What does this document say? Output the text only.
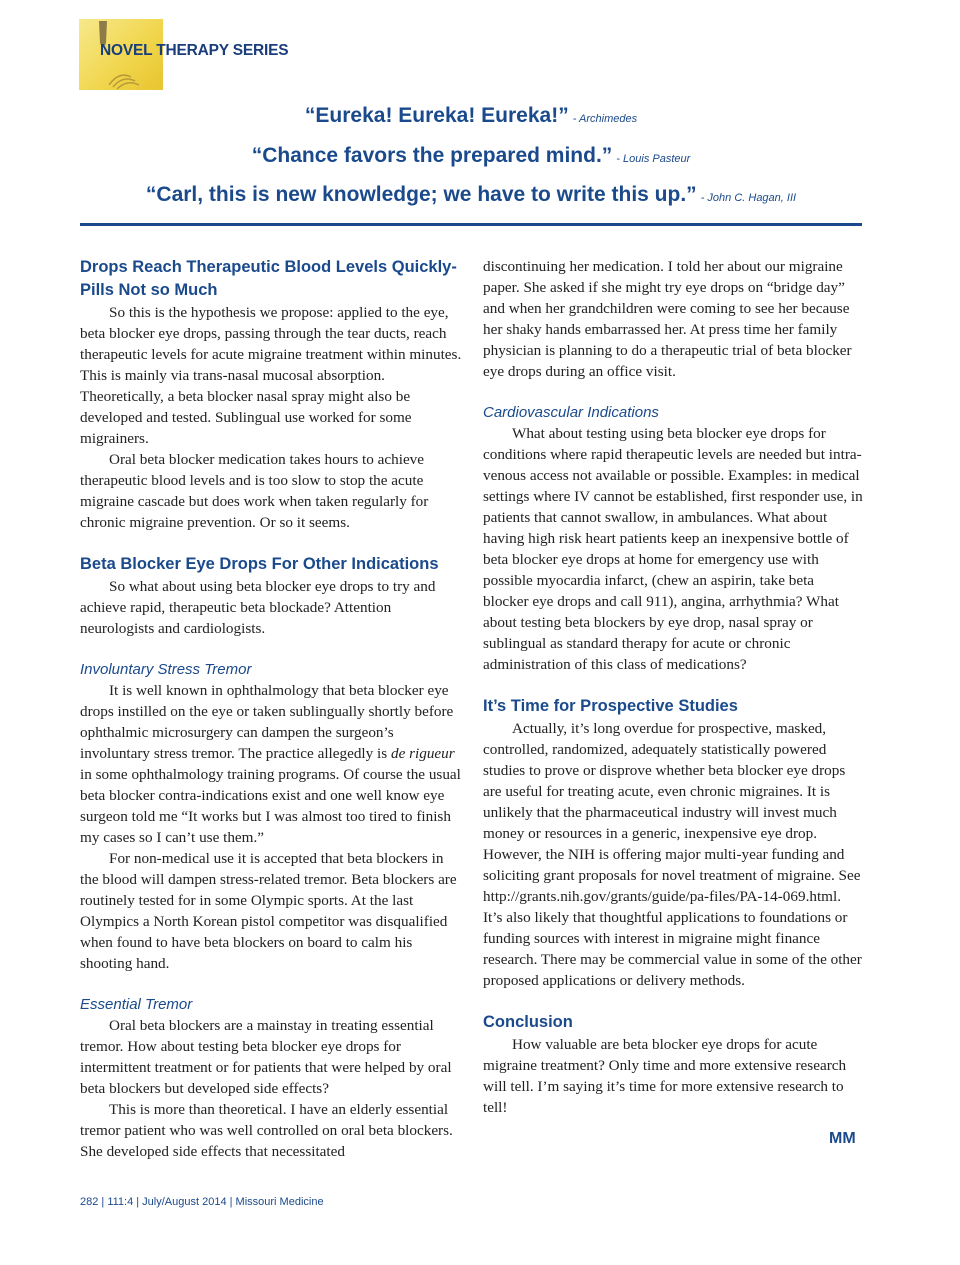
NOVEL THERAPY SERIES
“Eureka! Eureka! Eureka!” - Archimedes
“Chance favors the prepared mind.” - Louis Pasteur
“Carl, this is new knowledge; we have to write this up.” - John C. Hagan, III
Drops Reach Therapeutic Blood Levels Quickly-Pills Not so Much

So this is the hypothesis we propose: applied to the eye, beta blocker eye drops, passing through the tear ducts, reach therapeutic levels for acute migraine treatment within minutes. This is mainly via trans-nasal mucosal absorption. Theoretically, a beta blocker nasal spray might also be developed and tested. Sublingual use worked for some migrainers.

Oral beta blocker medication takes hours to achieve therapeutic blood levels and is too slow to stop the acute migraine cascade but does work when taken regularly for chronic migraine prevention. Or so it seems.

Beta Blocker Eye Drops For Other Indications

So what about using beta blocker eye drops to try and achieve rapid, therapeutic beta blockade? Attention neurologists and cardiologists.

Involuntary Stress Tremor

It is well known in ophthalmology that beta blocker eye drops instilled on the eye or taken sublingually shortly before ophthalmic microsurgery can dampen the surgeon’s involuntary stress tremor. The practice allegedly is de rigueur in some ophthalmology training programs. Of course the usual beta blocker contra-indications exist and one well know eye surgeon told me “It works but I was almost too tired to finish my cases so I can’t use them.”

For non-medical use it is accepted that beta blockers in the blood will dampen stress-related tremor. Beta blockers are routinely tested for in some Olympic sports. At the last Olympics a North Korean pistol competitor was disqualified when found to have beta blockers on board to calm his shooting hand.

Essential Tremor

Oral beta blockers are a mainstay in treating essential tremor. How about testing beta blocker eye drops for intermittent treatment or for patients that were helped by oral beta blockers but developed side effects?

This is more than theoretical. I have an elderly essential tremor patient who was well controlled on oral beta blockers. She developed side effects that necessitated

discontinuing her medication. I told her about our migraine paper. She asked if she might try eye drops on “bridge day” and when her grandchildren were coming to see her because her shaky hands embarrassed her. At press time her family physician is planning to do a therapeutic trial of beta blocker eye drops during an office visit.

Cardiovascular Indications

What about testing using beta blocker eye drops for conditions where rapid therapeutic levels are needed but intra-venous access not available or possible. Examples: in medical settings where IV cannot be established, first responder use, in patients that cannot swallow, in ambulances. What about having high risk heart patients keep an inexpensive bottle of beta blocker eye drops at home for emergency use with possible myocardia infarct, (chew an aspirin, take beta blocker eye drops and call 911), angina, arrhythmia? What about testing beta blockers by eye drop, nasal spray or sublingual as standard therapy for acute or chronic administration of this class of medications?

It’s Time for Prospective Studies

Actually, it’s long overdue for prospective, masked, controlled, randomized, adequately statistically powered studies to prove or disprove whether beta blocker eye drops are useful for treating acute, even chronic migraines. It is unlikely that the pharmaceutical industry will invest much money or resources in a generic, inexpensive eye drop. However, the NIH is offering major multi-year funding and soliciting grant proposals for novel treatment of migraine. See http://grants.nih.gov/grants/guide/pa-files/PA-14-069.html. It’s also likely that thoughtful applications to foundations or funding sources with interest in migraine might finance research. There may be commercial value in some of the other proposed applications or delivery methods.

Conclusion

How valuable are beta blocker eye drops for acute migraine treatment? Only time and more extensive research will tell. I’m saying it’s time for more extensive research to tell!

MM
282 | 111:4 | July/August 2014 | Missouri Medicine
